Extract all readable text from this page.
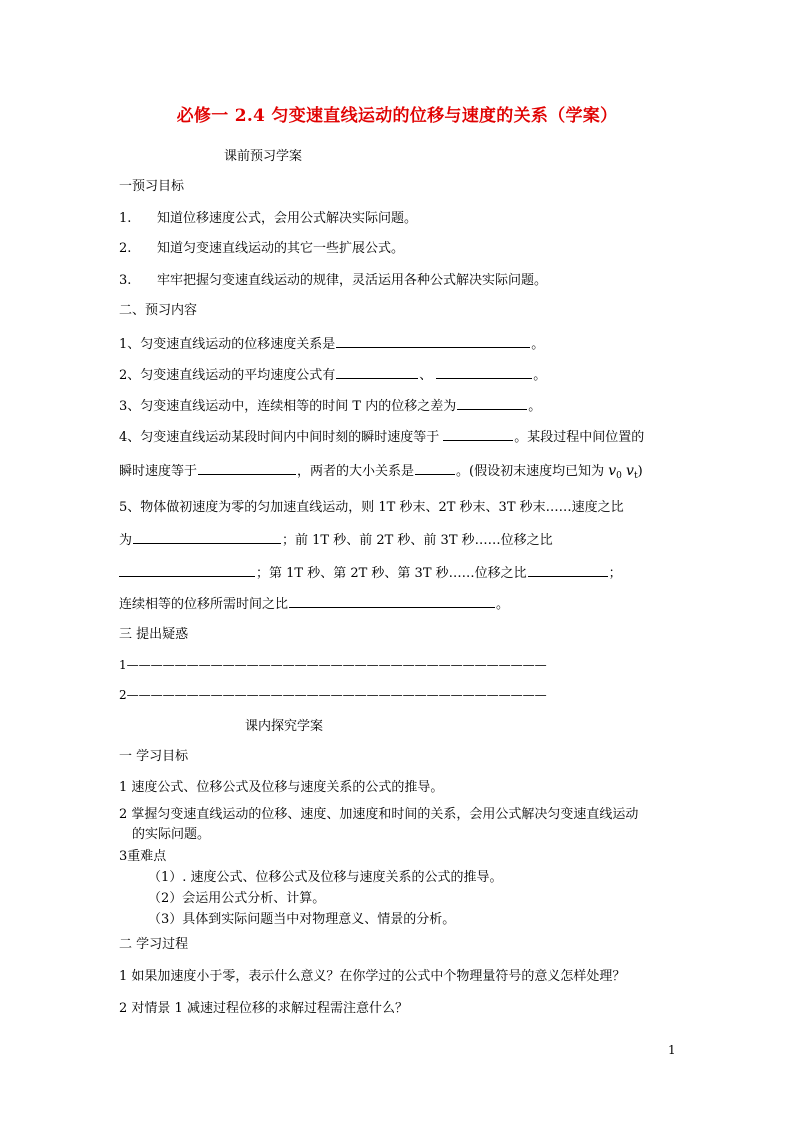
必修一 2.4 匀变速直线运动的位移与速度的关系（学案）
课前预习学案
一预习目标
1. 知道位移速度公式，会用公式解决实际问题。
2. 知道匀变速直线运动的其它一些扩展公式。
3. 牢牢把握匀变速直线运动的规律，灵活运用各种公式解决实际问题。
二、预习内容
1、匀变速直线运动的位移速度关系是	。
2、匀变速直线运动的平均速度公式有	、	。
3、匀变速直线运动中，连续相等的时间 T 内的位移之差为	。
4、匀变速直线运动某段时间内中间时刻的瞬时速度等于	。某段过程中间位置的
瞬时速度等于	，两者的大小关系是	。(假设初末速度均已知为 $v_0$ $v_t$)
5、物体做初速度为零的匀加速直线运动，则 1T 秒末、2T 秒末、3T 秒末……速度之比
为	；前 1T 秒、前 2T 秒、前 3T 秒……位移之比
；第 1T 秒、第 2T 秒、第 3T 秒……位移之比	；
连续相等的位移所需时间之比	。
三 提出疑惑
1———————————————————————————————————
2———————————————————————————————————
课内探究学案
一 学习目标
1 速度公式、位移公式及位移与速度关系的公式的推导。
2 掌握匀变速直线运动的位移、速度、加速度和时间的关系，会用公式解决匀变速直线运动
的实际问题。
3重难点
（1）. 速度公式、位移公式及位移与速度关系的公式的推导。
（2）会运用公式分析、计算。
（3）具体到实际问题当中对物理意义、情景的分析。
二 学习过程
1 如果加速度小于零，表示什么意义？在你学过的公式中个物理量符号的意义怎样处理？
2 对情景 1 减速过程位移的求解过程需注意什么？
1
